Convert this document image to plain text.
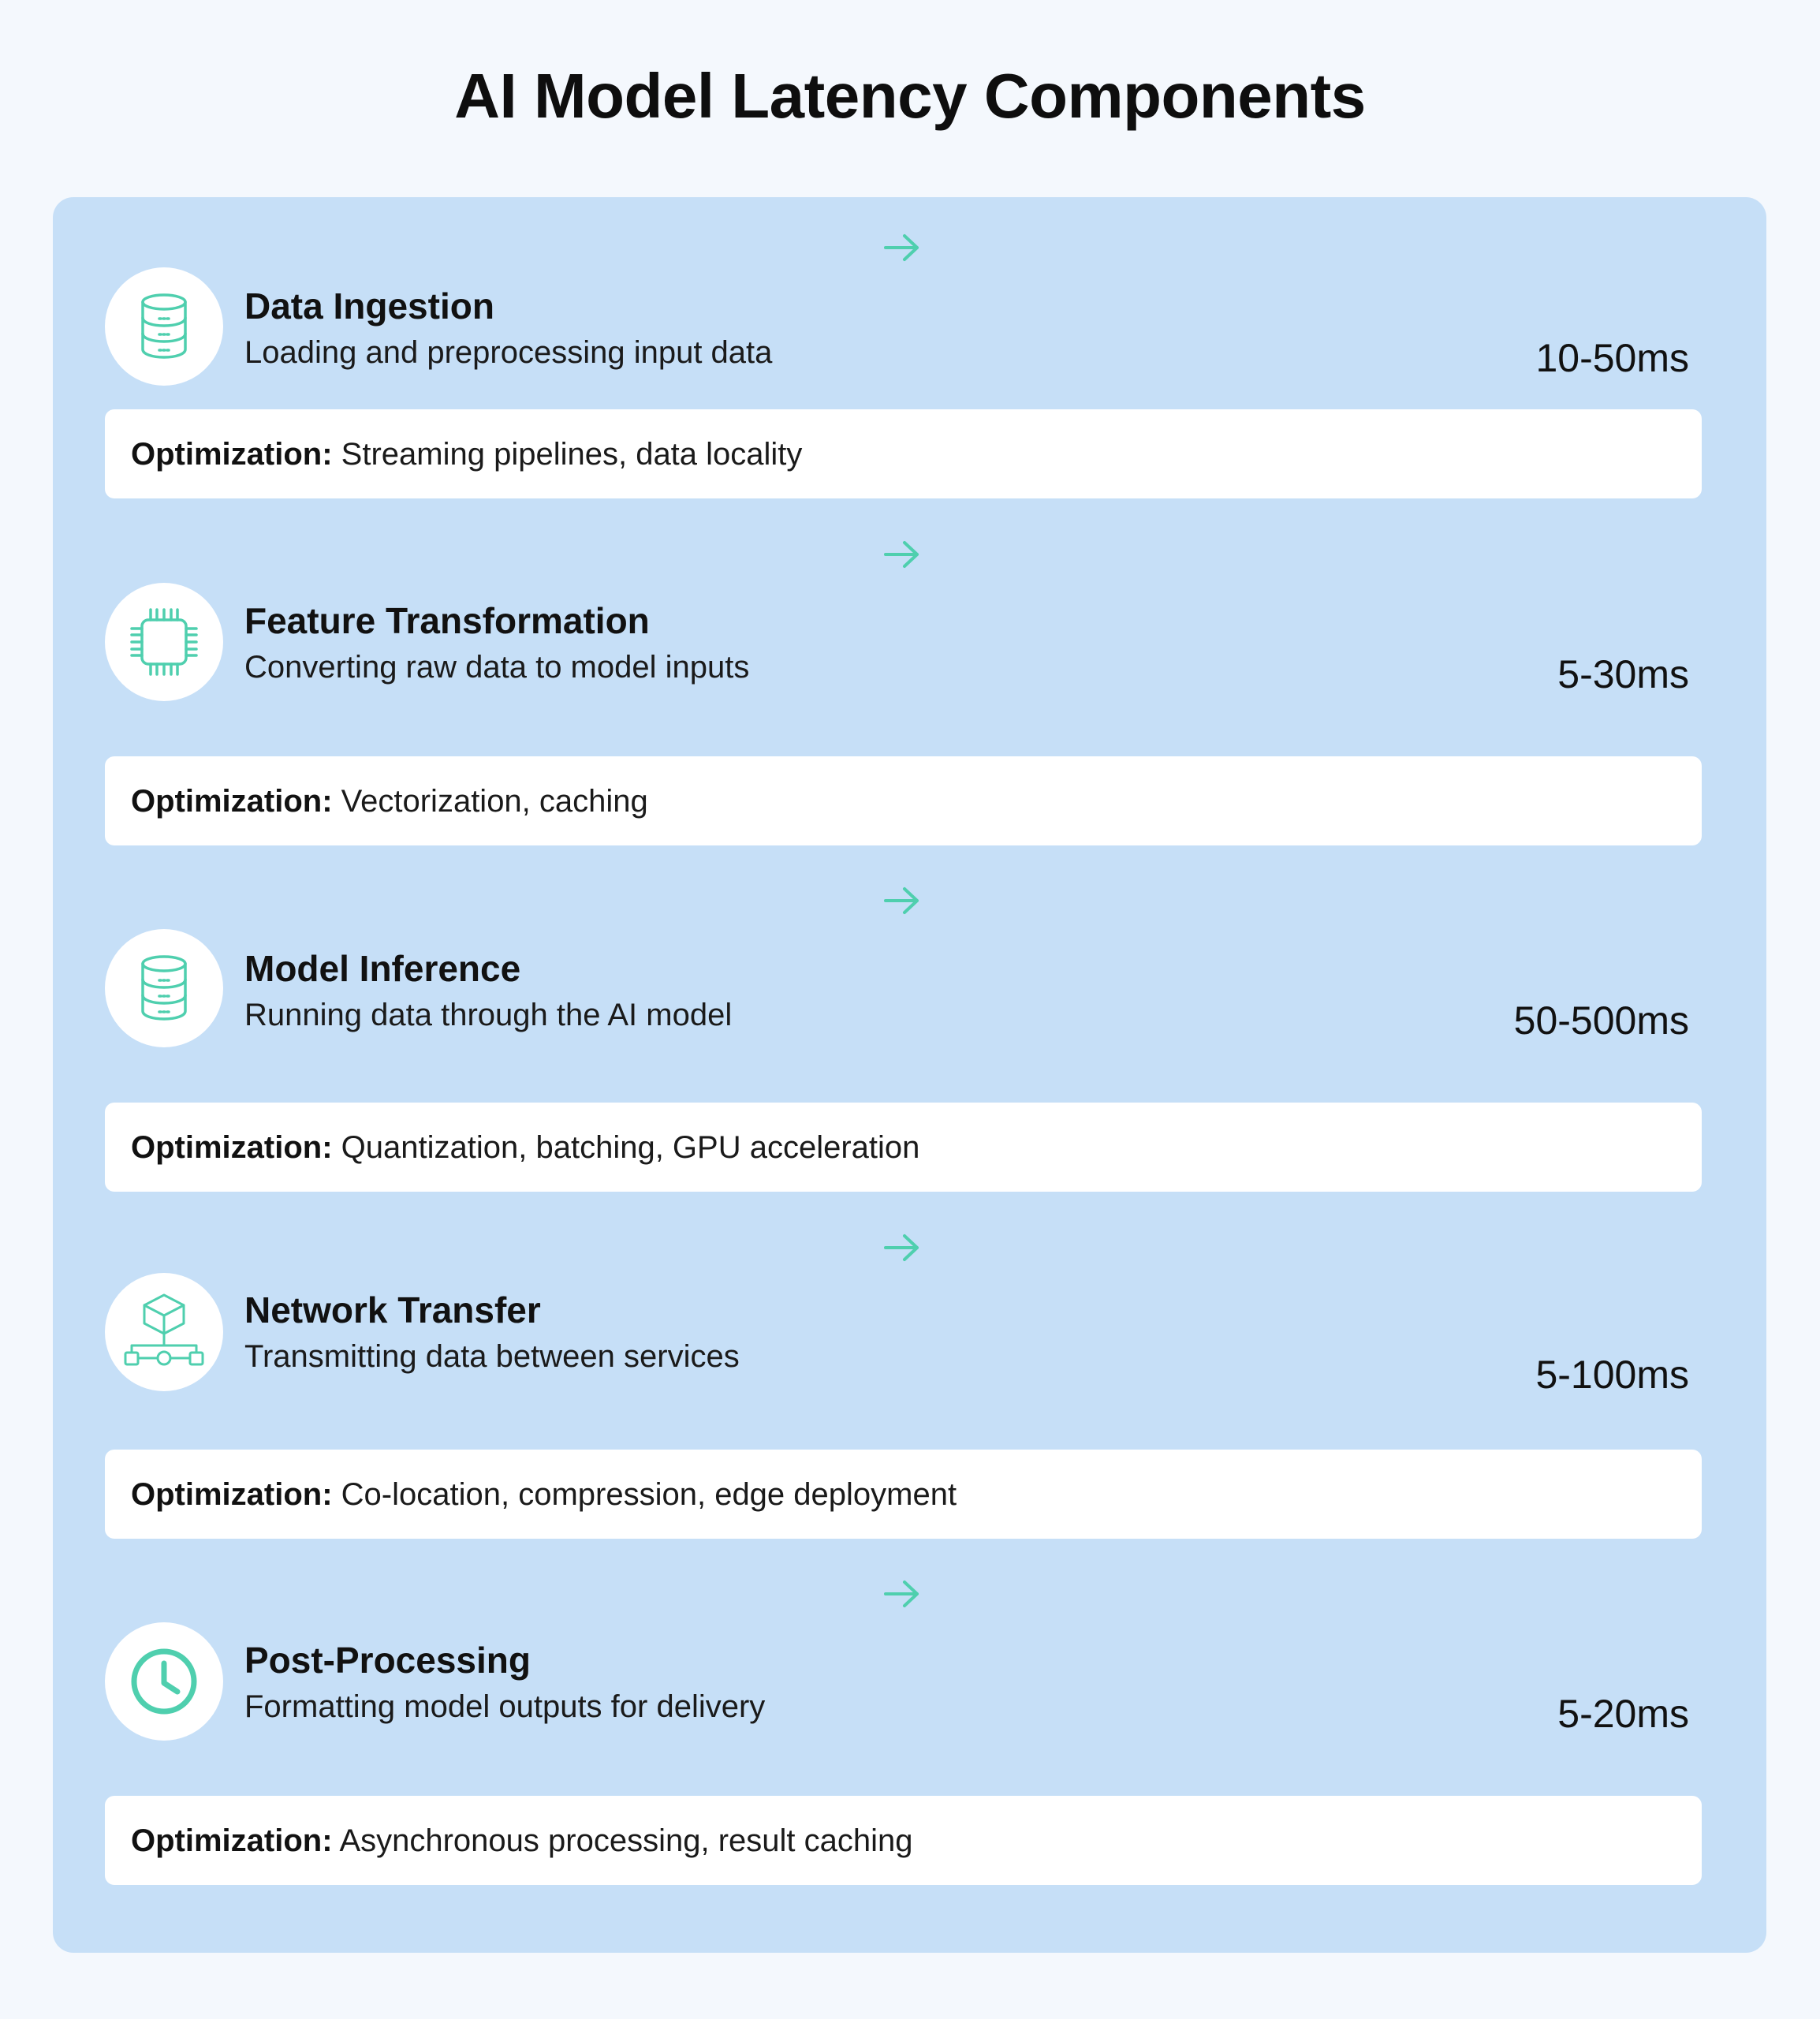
AI Model Latency Components
Data Ingestion
Loading and preprocessing input data	10-50ms
Optimization: Streaming pipelines, data locality
Feature Transformation
Converting raw data to model inputs	5-30ms
Optimization: Vectorization, caching
Model Inference
Running data through the AI model	50-500ms
Optimization: Quantization, batching, GPU acceleration
Network Transfer
Transmitting data between services	5-100ms
Optimization: Co-location, compression, edge deployment
Post-Processing
Formatting model outputs for delivery	5-20ms
Optimization: Asynchronous processing, result caching
